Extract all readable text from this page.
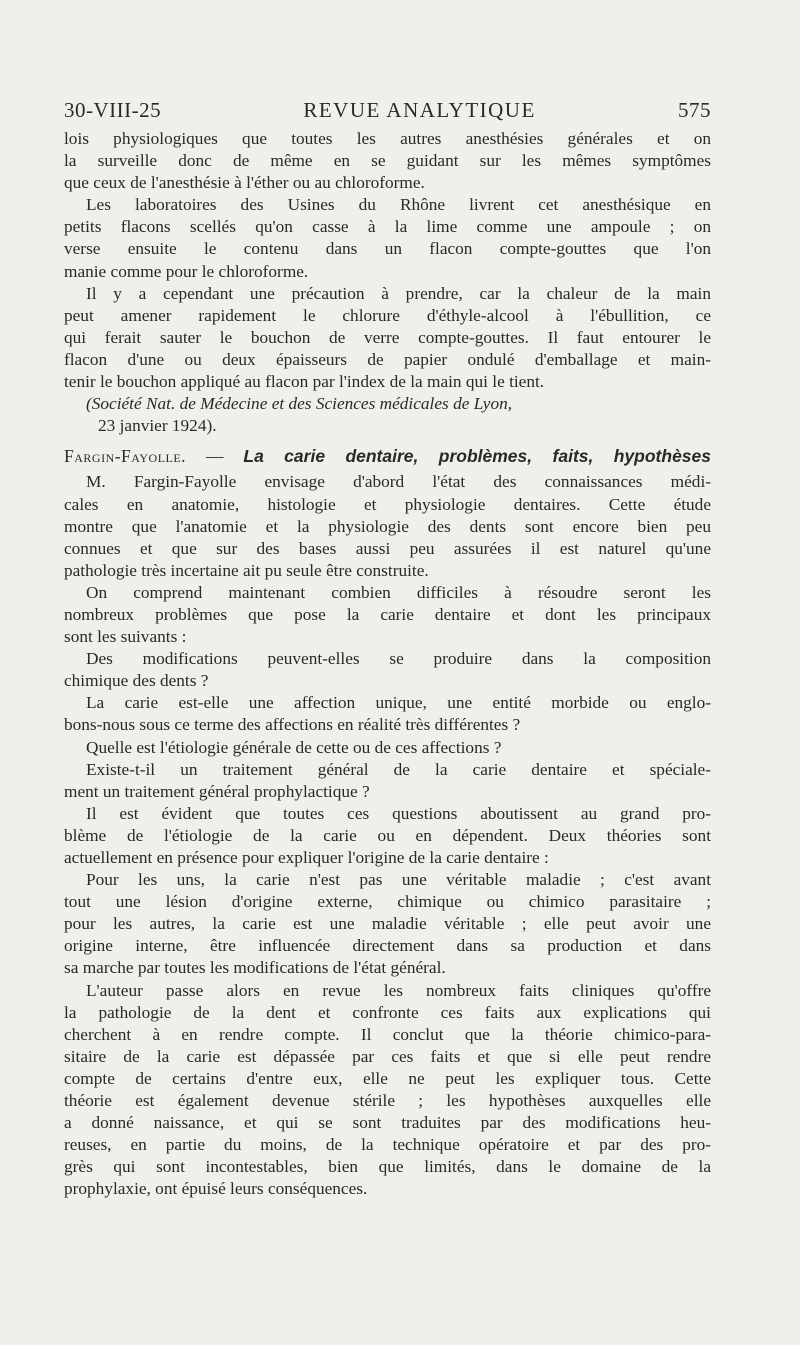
30-VIII-25	REVUE ANALYTIQUE	575
lois physiologiques que toutes les autres anesthésies générales et on
la surveille donc de même en se guidant sur les mêmes symptômes
que ceux de l'anesthésie à l'éther ou au chloroforme.
Les laboratoires des Usines du Rhône livrent cet anesthésique en
petits flacons scellés qu'on casse à la lime comme une ampoule ; on
verse ensuite le contenu dans un flacon compte-gouttes que l'on
manie comme pour le chloroforme.
Il y a cependant une précaution à prendre, car la chaleur de la main
peut amener rapidement le chlorure d'éthyle-alcool à l'ébullition, ce
qui ferait sauter le bouchon de verre compte-gouttes. Il faut entourer le
flacon d'une ou deux épaisseurs de papier ondulé d'emballage et main-
tenir le bouchon appliqué au flacon par l'index de la main qui le tient.
(Société Nat. de Médecine et des Sciences médicales de Lyon,
23 janvier 1924).
Fargin-Fayolle. — La carie dentaire, problèmes, faits, hypothèses
M. Fargin-Fayolle envisage d'abord l'état des connaissances médi-
cales en anatomie, histologie et physiologie dentaires. Cette étude
montre que l'anatomie et la physiologie des dents sont encore bien peu
connues et que sur des bases aussi peu assurées il est naturel qu'une
pathologie très incertaine ait pu seule être construite.
On comprend maintenant combien difficiles à résoudre seront les
nombreux problèmes que pose la carie dentaire et dont les principaux
sont les suivants :
Des modifications peuvent-elles se produire dans la composition
chimique des dents ?
La carie est-elle une affection unique, une entité morbide ou englo-
bons-nous sous ce terme des affections en réalité très différentes ?
Quelle est l'étiologie générale de cette ou de ces affections ?
Existe-t-il un traitement général de la carie dentaire et spéciale-
ment un traitement général prophylactique ?
Il est évident que toutes ces questions aboutissent au grand pro-
blème de l'étiologie de la carie ou en dépendent. Deux théories sont
actuellement en présence pour expliquer l'origine de la carie dentaire :
Pour les uns, la carie n'est pas une véritable maladie ; c'est avant
tout une lésion d'origine externe, chimique ou chimico parasitaire ;
pour les autres, la carie est une maladie véritable ; elle peut avoir une
origine interne, être influencée directement dans sa production et dans
sa marche par toutes les modifications de l'état général.
L'auteur passe alors en revue les nombreux faits cliniques qu'offre
la pathologie de la dent et confronte ces faits aux explications qui
cherchent à en rendre compte. Il conclut que la théorie chimico-para-
sitaire de la carie est dépassée par ces faits et que si elle peut rendre
compte de certains d'entre eux, elle ne peut les expliquer tous. Cette
théorie est également devenue stérile ; les hypothèses auxquelles elle
a donné naissance, et qui se sont traduites par des modifications heu-
reuses, en partie du moins, de la technique opératoire et par des pro-
grès qui sont incontestables, bien que limités, dans le domaine de la
prophylaxie, ont épuisé leurs conséquences.
